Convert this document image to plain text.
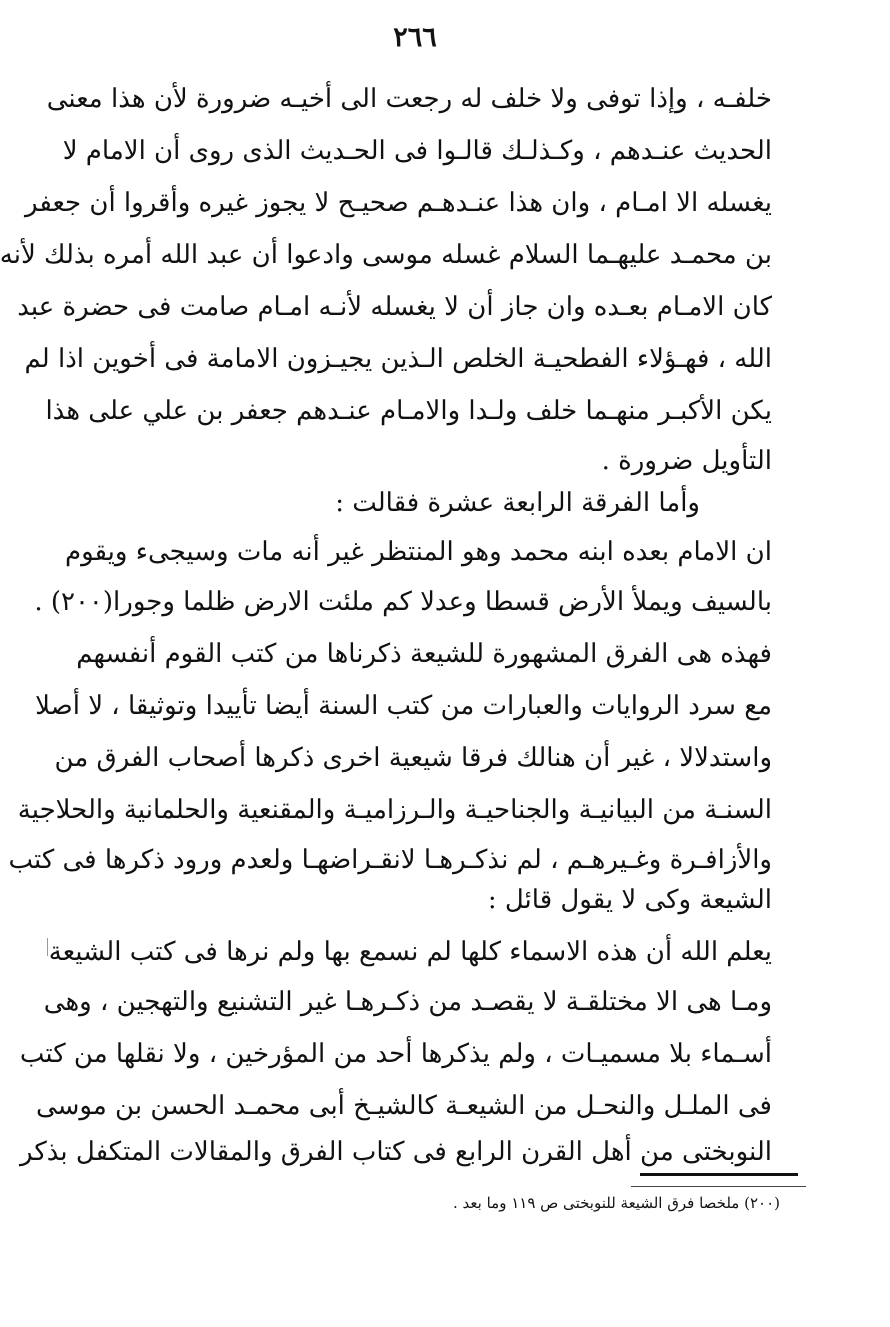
٢٦٦
خلفـه ، وإذا توفى ولا خلف له رجعت الى أخيـه ضرورة لأن هذا معنى
الحديث عنـدهم ، وكـذلـك قالـوا فى الحـديث الذى روى أن الامام لا
يغسله الا امـام ، وان هذا عنـدهـم صحيـح لا يجوز غيره وأقروا أن جعفر
بن محمـد عليهـما السلام غسله موسى وادعوا أن عبد الله أمره بذلك لأنه
كان الامـام بعـده وان جاز أن لا يغسله لأنـه امـام صامت فى حضرة عبد
الله ، فهـؤلاء الفطحيـة الخلص الـذين يجيـزون الامامة فى أخوين اذا لم
يكن الأكبـر منهـما خلف ولـدا والامـام عنـدهم جعفر بن علي على هذا
التأويل ضرورة .
وأما الفرقة الرابعة عشرة فقالت :
ان الامام بعده ابنه محمد وهو المنتظر غير أنه مات وسيجىء ويقوم
بالسيف ويملأ الأرض قسطا وعدلا كم ملئت الارض ظلما وجورا(٢٠٠) .
فهذه هى الفرق المشهورة للشيعة ذكرناها من كتب القوم أنفسهم
مع سرد الروايات والعبارات من كتب السنة أيضا تأييدا وتوثيقا ، لا أصلا
واستدلالا ، غير أن هنالك فرقا شيعية اخرى ذكرها أصحاب الفرق من
السنـة من البيانيـة والجناحيـة والـرزاميـة والمقنعية والحلمانية والحلاجية
والأزافـرة وغـيرهـم ، لم نذكـرهـا لانقـراضهـا ولعدم ورود ذكرها فى كتب
الشيعة وكى لا يقول قائل :
يعلم الله أن هذه الاسماء كلها لم نسمع بها ولم نرها فى كتب الشيعة
ومـا هى الا مختلقـة لا يقصـد من ذكـرهـا غير التشنيع والتهجين ، وهى
أسـماء بلا مسميـات ، ولم يذكرها أحد من المؤرخين ، ولا نقلها من كتب
فى الملـل والنحـل من الشيعـة كالشيـخ أبى محمـد الحسن بن موسى
النوبختى من أهل القرن الرابع فى كتاب الفرق والمقالات المتكفل بذكر
(٢٠٠) ملخصا فرق الشيعة للنوبختى ص ١١٩ وما بعد .
